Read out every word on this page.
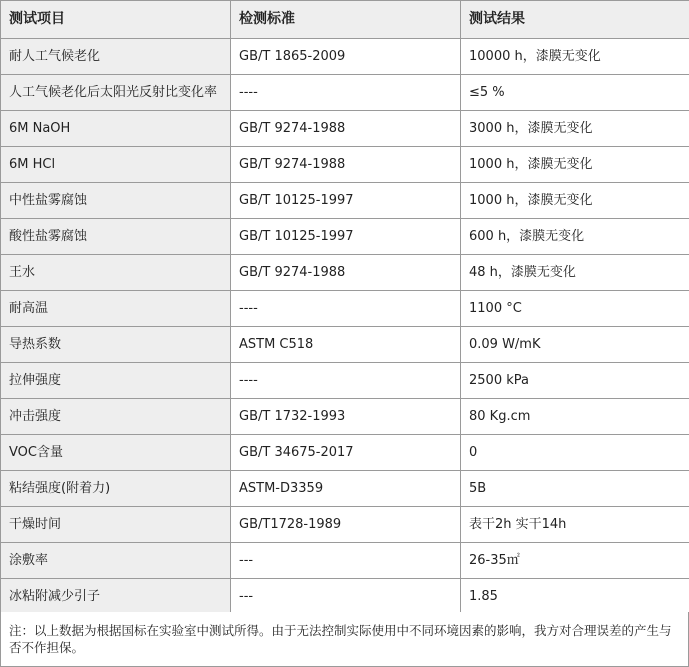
测试项目	检测标准	测试结果
耐人工气候老化	GB/T 1865-2009	10000 h，漆膜无变化
人工气候老化后太阳光反射比变化率	----	≤5 %
6M NaOH	GB/T 9274-1988	3000 h，漆膜无变化
6M HCl	GB/T 9274-1988	1000 h，漆膜无变化
中性盐雾腐蚀	GB/T 10125-1997	1000 h，漆膜无变化
酸性盐雾腐蚀	GB/T 10125-1997	600 h，漆膜无变化
王水	GB/T 9274-1988	48 h，漆膜无变化
耐高温	----	1100 °C
导热系数	ASTM C518	0.09 W/mK
拉伸强度	----	2500 kPa
冲击强度	GB/T 1732-1993	80 Kg.cm
VOC含量	GB/T 34675-2017	0
粘结强度(附着力)	ASTM-D3359	5B
干燥时间	GB/T1728-1989	表干2h 实干14h
涂敷率	---	26-35㎡
冰粘附减少引子	---	1.85
注：以上数据为根据国标在实验室中测试所得。由于无法控制实际使用中不同环境因素的影响，我方对合理误差的产生与否不作担保。
